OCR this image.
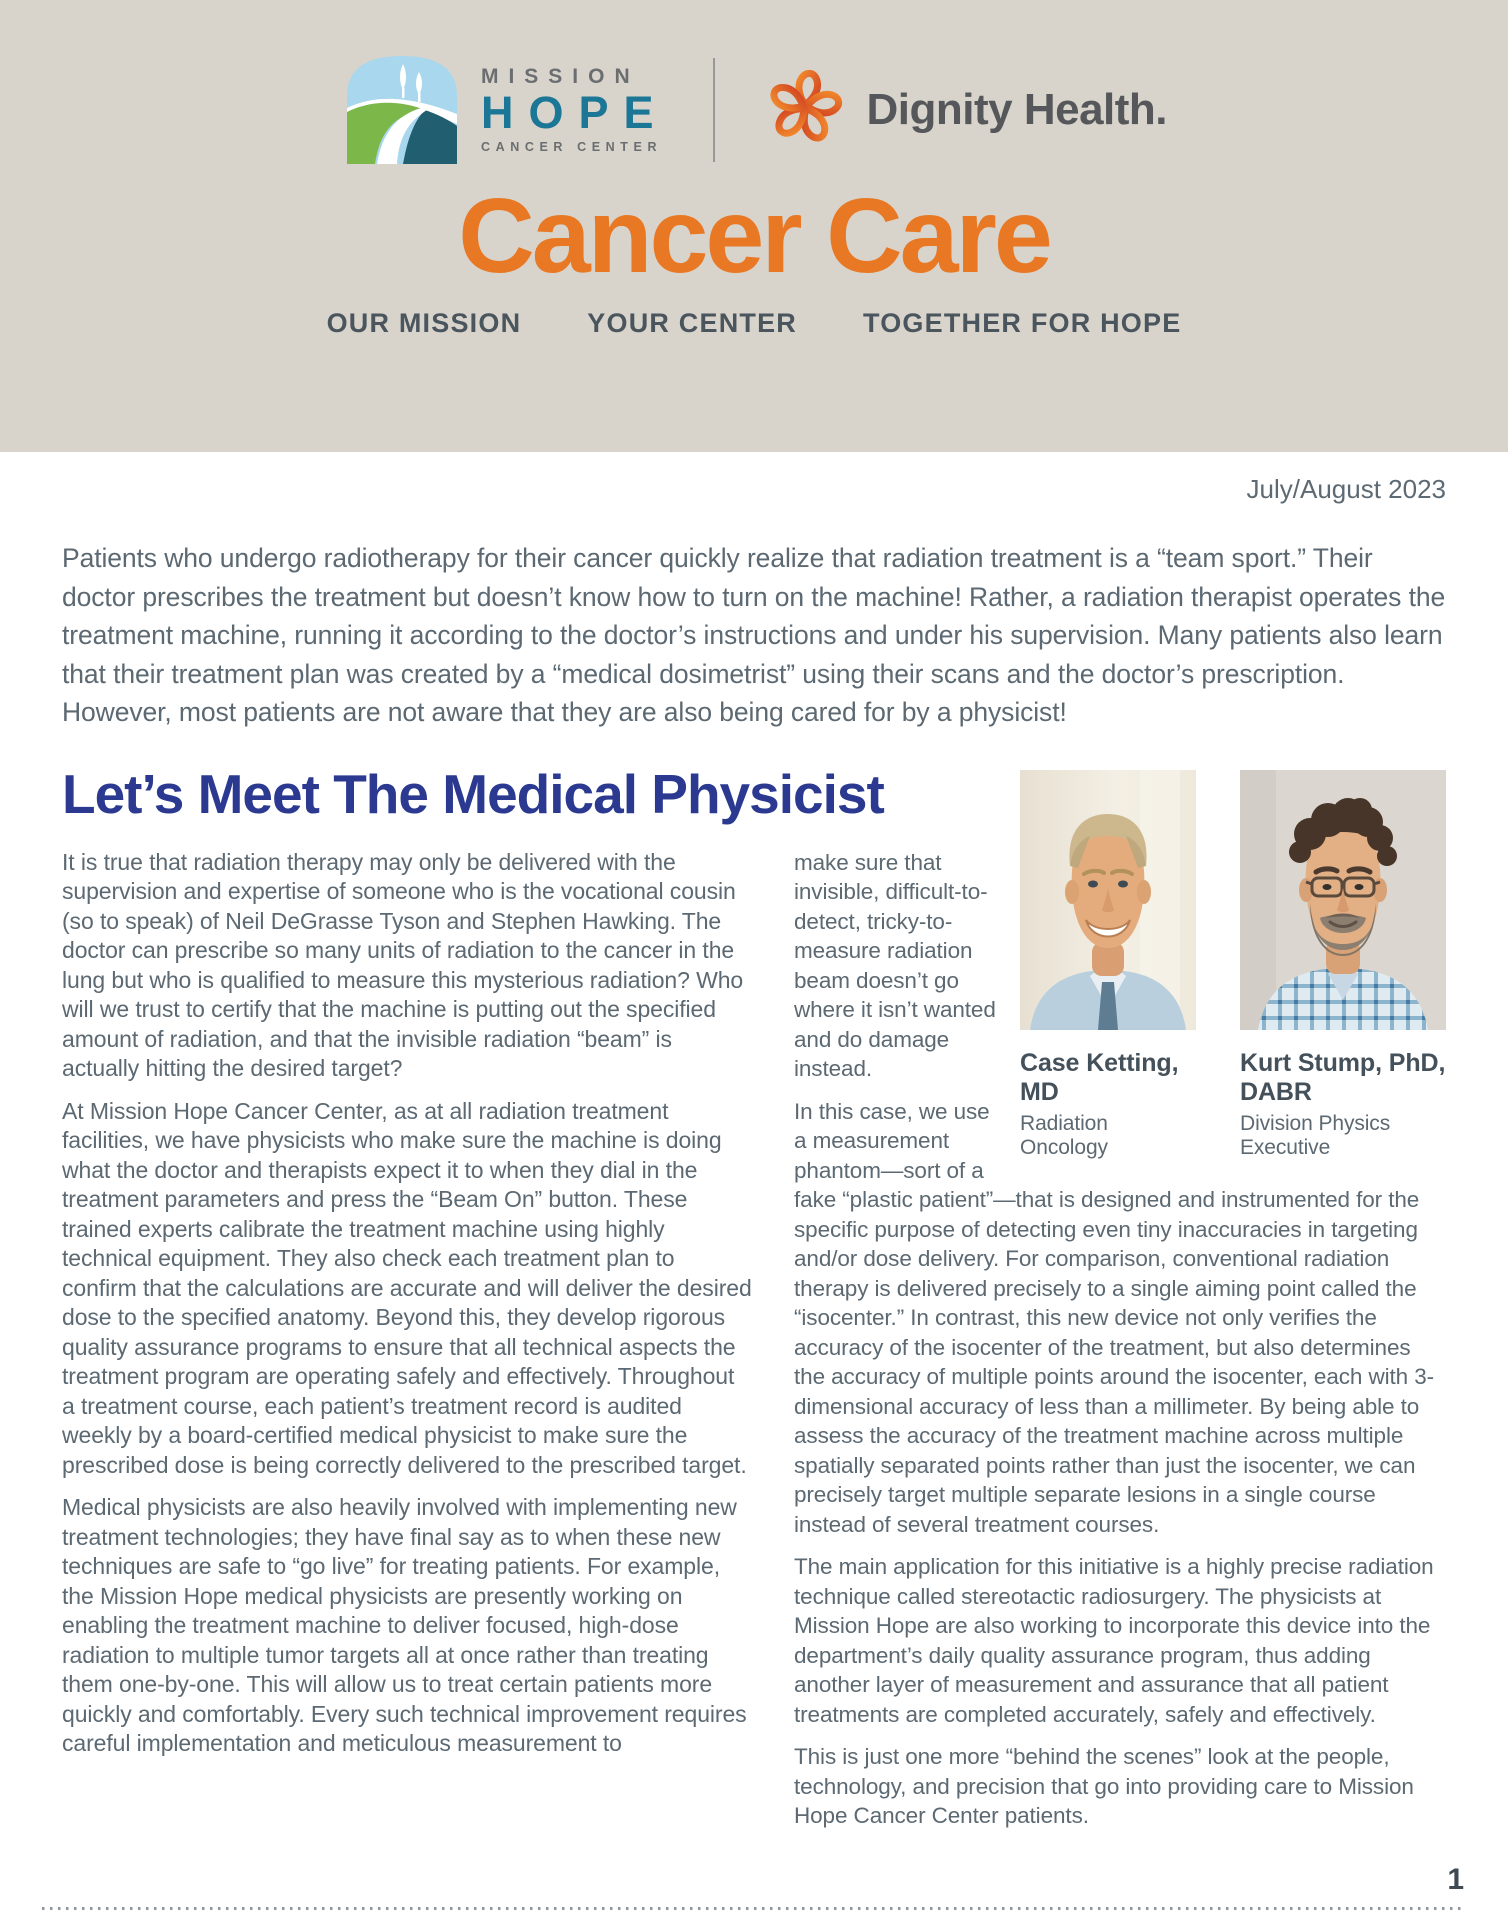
MISSION
HOPE
CANCER CENTER
Dignity Health.
Cancer Care
OUR MISSION YOUR CENTER TOGETHER FOR HOPE
July/August 2023

Patients who undergo radiotherapy for their cancer quickly realize that radiation treatment is a “team sport.” Their doctor prescribes the treatment but doesn’t know how to turn on the machine! Rather, a radiation therapist operates the treatment machine, running it according to the doctor’s instructions and under his supervision. Many patients also learn that their treatment plan was created by a “medical dosimetrist” using their scans and the doctor’s prescription. However, most patients are not aware that they are also being cared for by a physicist!

Let’s Meet The Medical Physicist

It is true that radiation therapy may only be delivered with the supervision and expertise of someone who is the vocational cousin (so to speak) of Neil DeGrasse Tyson and Stephen Hawking. The doctor can prescribe so many units of radiation to the cancer in the lung but who is qualified to measure this mysterious radiation? Who will we trust to certify that the machine is putting out the specified amount of radiation, and that the invisible radiation “beam” is actually hitting the desired target?

At Mission Hope Cancer Center, as at all radiation treatment facilities, we have physicists who make sure the machine is doing what the doctor and therapists expect it to when they dial in the treatment parameters and press the “Beam On” button. These trained experts calibrate the treatment machine using highly technical equipment. They also check each treatment plan to confirm that the calculations are accurate and will deliver the desired dose to the specified anatomy. Beyond this, they develop rigorous quality assurance programs to ensure that all technical aspects the treatment program are operating safely and effectively. Throughout a treatment course, each patient’s treatment record is audited weekly by a board-certified medical physicist to make sure the prescribed dose is being correctly delivered to the prescribed target.

Medical physicists are also heavily involved with implementing new treatment technologies; they have final say as to when these new techniques are safe to “go live” for treating patients. For example, the Mission Hope medical physicists are presently working on enabling the treatment machine to deliver focused, high-dose radiation to multiple tumor targets all at once rather than treating them one-by-one. This will allow us to treat certain patients more quickly and comfortably. Every such technical improvement requires careful implementation and meticulous measurement to

Case Ketting, MD
Radiation Oncology
Kurt Stump, PhD, DABR
Division Physics Executive

make sure that invisible, difficult-to-detect, tricky-to-measure radiation beam doesn’t go where it isn’t wanted and do damage instead.

In this case, we use a measurement phantom—sort of a fake “plastic patient”—that is designed and instrumented for the specific purpose of detecting even tiny inaccuracies in targeting and/or dose delivery. For comparison, conventional radiation therapy is delivered precisely to a single aiming point called the “isocenter.” In contrast, this new device not only verifies the accuracy of the isocenter of the treatment, but also determines the accuracy of multiple points around the isocenter, each with 3-dimensional accuracy of less than a millimeter. By being able to assess the accuracy of the treatment machine across multiple spatially separated points rather than just the isocenter, we can precisely target multiple separate lesions in a single course instead of several treatment courses.

The main application for this initiative is a highly precise radiation technique called stereotactic radiosurgery. The physicists at Mission Hope are also working to incorporate this device into the department’s daily quality assurance program, thus adding another layer of measurement and assurance that all patient treatments are completed accurately, safely and effectively.

This is just one more “behind the scenes” look at the people, technology, and precision that go into providing care to Mission Hope Cancer Center patients.

1
